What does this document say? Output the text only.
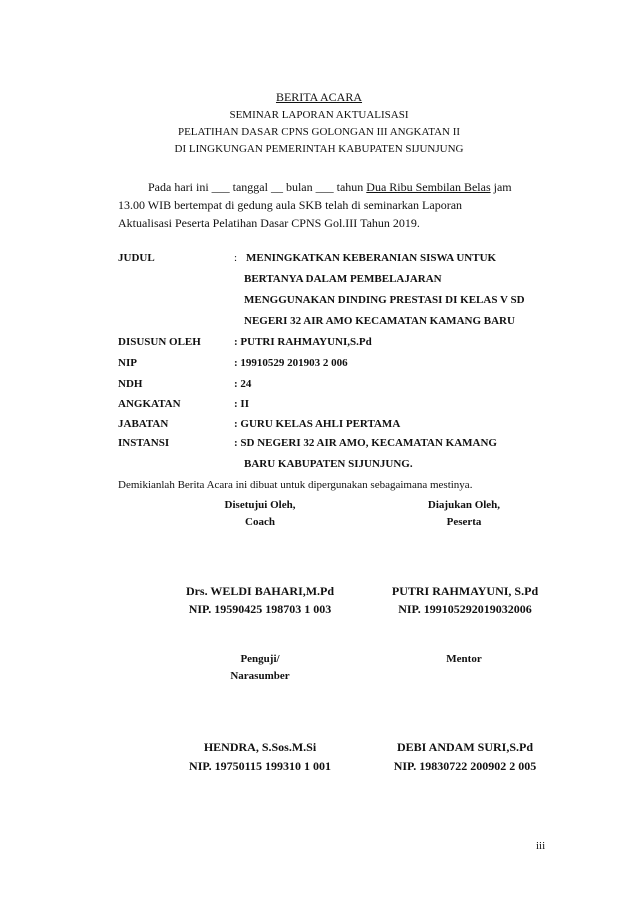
BERITA ACARA
SEMINAR LAPORAN AKTUALISASI
PELATIHAN DASAR CPNS GOLONGAN III ANGKATAN II
DI LINGKUNGAN PEMERINTAH KABUPATEN SIJUNJUNG
Pada hari ini ___ tanggal __ bulan ___ tahun Dua Ribu Sembilan Belas jam
13.00 WIB bertempat di gedung aula SKB telah di seminarkan Laporan
Aktualisasi Peserta Pelatihan Dasar CPNS Gol.III Tahun 2019.
JUDUL	: MENINGKATKAN KEBERANIAN SISWA UNTUK
BERTANYA DALAM PEMBELAJARAN
MENGGUNAKAN DINDING PRESTASI DI KELAS V SD
NEGERI 32 AIR AMO KECAMATAN KAMANG BARU
DISUSUN OLEH	: PUTRI RAHMAYUNI,S.Pd
NIP	: 19910529 201903 2 006
NDH	: 24
ANGKATAN	: II
JABATAN	: GURU KELAS AHLI PERTAMA
INSTANSI	: SD NEGERI 32 AIR AMO, KECAMATAN KAMANG
BARU KABUPATEN SIJUNJUNG.
Demikianlah Berita Acara ini dibuat untuk dipergunakan sebagaimana mestinya.
Disetujui Oleh,
Coach
Diajukan Oleh,
Peserta
Drs. WELDI BAHARI,M.Pd
NIP. 19590425 198703 1 003
PUTRI RAHMAYUNI, S.Pd
NIP. 199105292019032006
Penguji/
Narasumber
Mentor
HENDRA, S.Sos.M.Si
NIP. 19750115 199310 1 001
DEBI ANDAM SURI,S.Pd
NIP. 19830722 200902 2 005
iii
